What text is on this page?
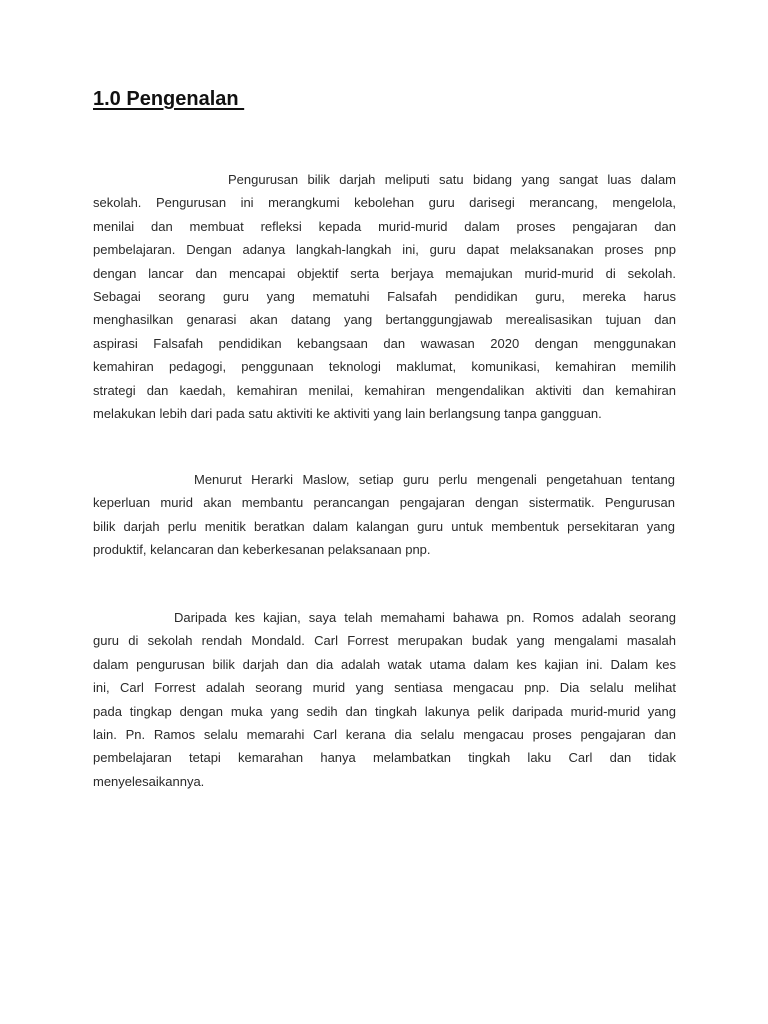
1.0 Pengenalan

Pengurusan bilik darjah meliputi satu bidang yang sangat luas dalam
sekolah. Pengurusan ini merangkumi kebolehan guru darisegi merancang, mengelola,
menilai dan membuat refleksi kepada murid-murid dalam proses pengajaran dan
pembelajaran. Dengan adanya langkah-langkah ini, guru dapat melaksanakan proses pnp
dengan lancar dan mencapai objektif serta berjaya memajukan murid-murid di sekolah.
Sebagai seorang guru yang mematuhi Falsafah pendidikan guru, mereka harus
menghasilkan genarasi akan datang yang bertanggungjawab merealisasikan tujuan dan
aspirasi Falsafah pendidikan kebangsaan dan wawasan 2020 dengan menggunakan
kemahiran pedagogi, penggunaan teknologi maklumat, komunikasi, kemahiran memilih
strategi dan kaedah, kemahiran menilai, kemahiran mengendalikan aktiviti dan kemahiran
melakukan lebih dari pada satu aktiviti ke aktiviti yang lain berlangsung tanpa gangguan.

Menurut Herarki Maslow, setiap guru perlu mengenali pengetahuan tentang
keperluan murid akan membantu perancangan pengajaran dengan sistermatik. Pengurusan
bilik darjah perlu menitik beratkan dalam kalangan guru untuk membentuk persekitaran yang
produktif, kelancaran dan keberkesanan pelaksanaan pnp.

Daripada kes kajian, saya telah memahami bahawa pn. Romos adalah seorang
guru di sekolah rendah Mondald. Carl Forrest merupakan budak yang mengalami masalah
dalam pengurusan bilik darjah dan dia adalah watak utama dalam kes kajian ini. Dalam kes
ini, Carl Forrest adalah seorang murid yang sentiasa mengacau pnp. Dia selalu melihat
pada tingkap dengan muka yang sedih dan tingkah lakunya pelik daripada murid-murid yang
lain. Pn. Ramos selalu memarahi Carl kerana dia selalu mengacau proses pengajaran dan
pembelajaran tetapi kemarahan hanya melambatkan tingkah laku Carl dan tidak
menyelesaikannya.
